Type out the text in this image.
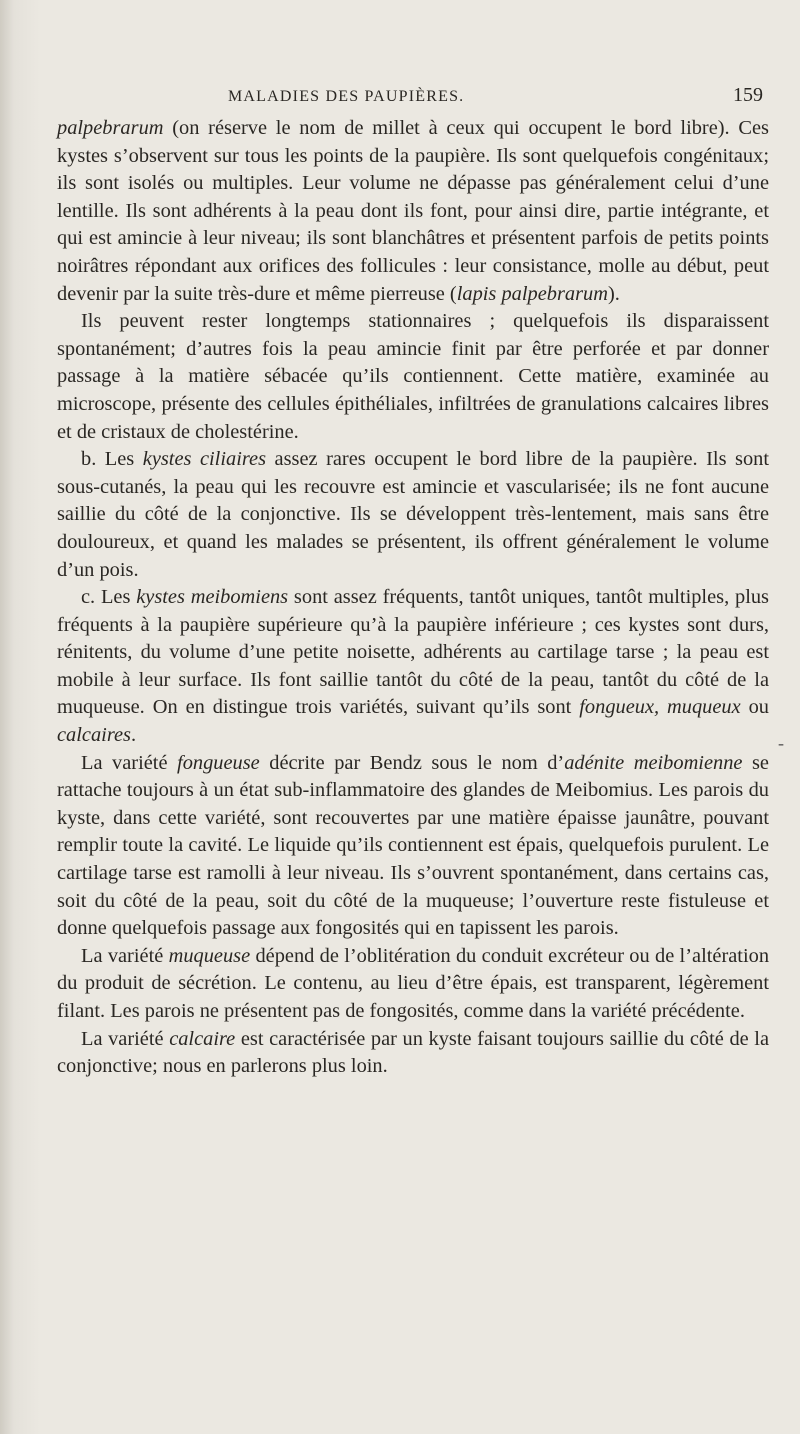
MALADIES DES PAUPIÈRES.	159

palpebrarum (on réserve le nom de millet à ceux qui occupent le bord libre). Ces kystes s’observent sur tous les points de la paupière. Ils sont quelquefois congénitaux; ils sont isolés ou multiples. Leur volume ne dépasse pas généralement celui d’une lentille. Ils sont adhérents à la peau dont ils font, pour ainsi dire, partie intégrante, et qui est amincie à leur niveau; ils sont blanchâtres et présentent parfois de petits points noirâtres répondant aux orifices des follicules : leur consistance, molle au début, peut devenir par la suite très-dure et même pierreuse (lapis palpebrarum).

Ils peuvent rester longtemps stationnaires ; quelquefois ils disparaissent spontanément; d’autres fois la peau amincie finit par être perforée et par donner passage à la matière sébacée qu’ils contiennent. Cette matière, examinée au microscope, présente des cellules épithéliales, infiltrées de granulations calcaires libres et de cristaux de cholestérine.

b. Les kystes ciliaires assez rares occupent le bord libre de la paupière. Ils sont sous-cutanés, la peau qui les recouvre est amincie et vascularisée; ils ne font aucune saillie du côté de la conjonctive. Ils se développent très-lentement, mais sans être douloureux, et quand les malades se présentent, ils offrent généralement le volume d’un pois.

c. Les kystes meibomiens sont assez fréquents, tantôt uniques, tantôt multiples, plus fréquents à la paupière supérieure qu’à la paupière inférieure ; ces kystes sont durs, rénitents, du volume d’une petite noisette, adhérents au cartilage tarse ; la peau est mobile à leur surface. Ils font saillie tantôt du côté de la peau, tantôt du côté de la muqueuse. On en distingue trois variétés, suivant qu’ils sont fongueux, muqueux ou calcaires.

La variété fongueuse décrite par Bendz sous le nom d’adénite meibomienne se rattache toujours à un état sub-inflammatoire des glandes de Meibomius. Les parois du kyste, dans cette variété, sont recouvertes par une matière épaisse jaunâtre, pouvant remplir toute la cavité. Le liquide qu’ils contiennent est épais, quelquefois purulent. Le cartilage tarse est ramolli à leur niveau. Ils s’ouvrent spontanément, dans certains cas, soit du côté de la peau, soit du côté de la muqueuse; l’ouverture reste fistuleuse et donne quelquefois passage aux fongosités qui en tapissent les parois.

La variété muqueuse dépend de l’oblitération du conduit excréteur ou de l’altération du produit de sécrétion. Le contenu, au lieu d’être épais, est transparent, légèrement filant. Les parois ne présentent pas de fongosités, comme dans la variété précédente.

La variété calcaire est caractérisée par un kyste faisant toujours saillie du côté de la conjonctive; nous en parlerons plus loin.

-
